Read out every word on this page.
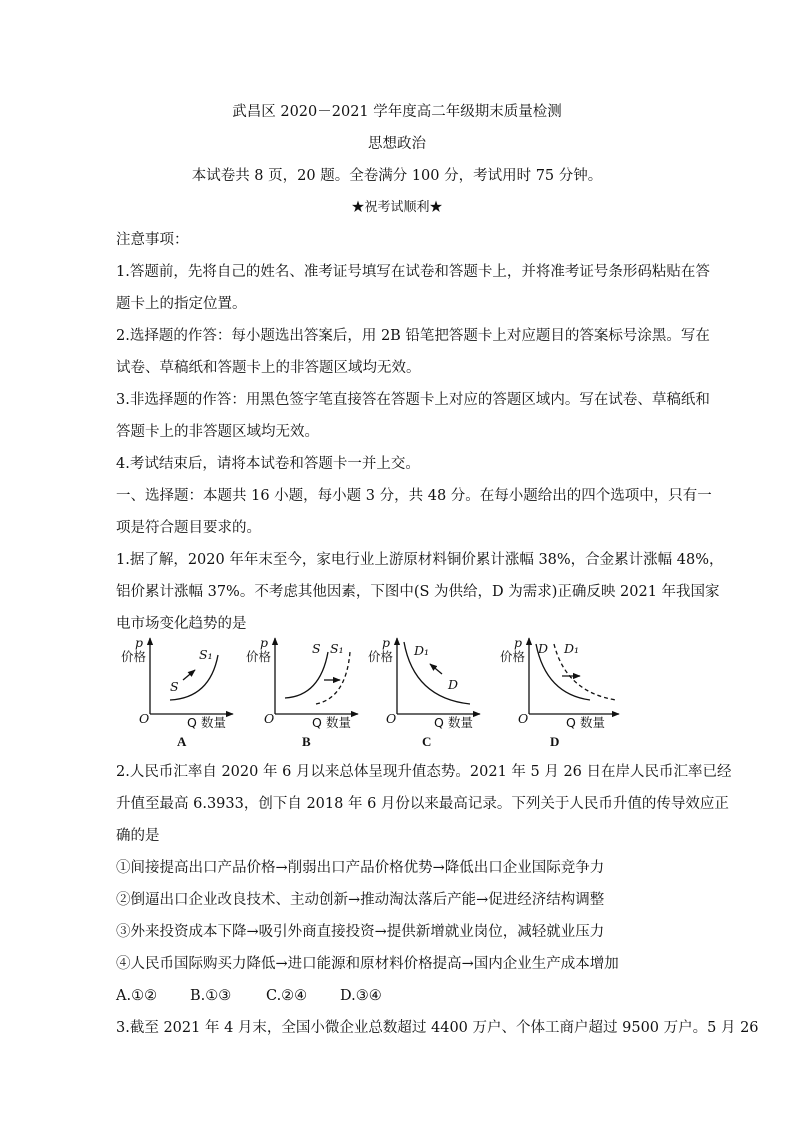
武昌区 2020－2021 学年度高二年级期末质量检测
思想政治
本试卷共 8 页，20 题。全卷满分 100 分，考试用时 75 分钟。
★祝考试顺利★
注意事项：
1.答题前，先将自己的姓名、准考证号填写在试卷和答题卡上，并将准考证号条形码粘贴在答
题卡上的指定位置。
2.选择题的作答：每小题选出答案后，用 2B 铅笔把答题卡上对应题目的答案标号涂黑。写在
试卷、草稿纸和答题卡上的非答题区域均无效。
3.非选择题的作答：用黑色签字笔直接答在答题卡上对应的答题区域内。写在试卷、草稿纸和
答题卡上的非答题区域均无效。
4.考试结束后，请将本试卷和答题卡一并上交。
一、选择题：本题共 16 小题，每小题 3 分，共 48 分。在每小题给出的四个选项中，只有一
项是符合题目要求的。
1.据了解，2020 年年末至今，家电行业上游原材料铜价累计涨幅 38%，合金累计涨幅 48%，
铝价累计涨幅 37%。不考虑其他因素，下图中(S 为供给，D 为需求)正确反映 2021 年我国家
电市场变化趋势的是
p
价格
S
S₁
O	Q 数量
A
p
价格
S S₁
O	Q 数量
B
p
价格 D₁
D
O	Q 数量
C
p
价格
D D₁
O	Q 数量
D
2.人民币汇率自 2020 年 6 月以来总体呈现升值态势。2021 年 5 月 26 日在岸人民币汇率已经
升值至最高 6.3933，创下自 2018 年 6 月份以来最高记录。下列关于人民币升值的传导效应正
确的是
①间接提高出口产品价格→削弱出口产品价格优势→降低出口企业国际竞争力
②倒逼出口企业改良技术、主动创新→推动淘汰落后产能→促进经济结构调整
③外来投资成本下降→吸引外商直接投资→提供新增就业岗位，减轻就业压力
④人民币国际购买力降低→进口能源和原材料价格提高→国内企业生产成本增加
A.①② B.①③ C.②④ D.③④
3.截至 2021 年 4 月末，全国小微企业总数超过 4400 万户、个体工商户超过 9500 万户。5 月 26
